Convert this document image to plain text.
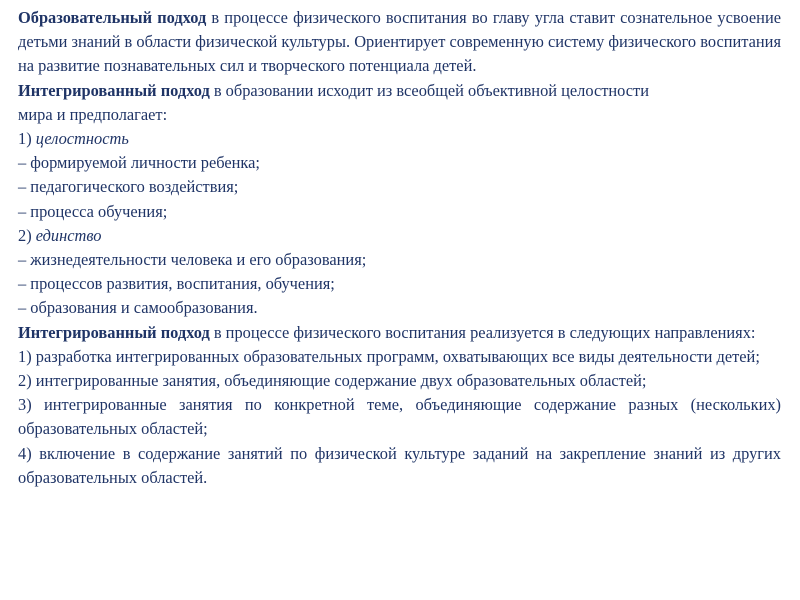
Образовательный подход в процессе физического воспитания во главу угла ставит сознательное усвоение детьми знаний в области физической культуры. Ориентирует современную систему физического воспитания на развитие познавательных сил и творческого потенциала детей.

Интегрированный подход в образовании исходит из всеобщей объективной целостности мира и предполагает:

1) целостность

– формируемой личности ребенка;

– педагогического воздействия;

– процесса обучения;

2) единство

– жизнедеятельности человека и его образования;

– процессов развития, воспитания, обучения;

– образования и самообразования.

Интегрированный подход в процессе физического воспитания реализуется в следующих направлениях:

1) разработка интегрированных образовательных программ, охватывающих все виды деятельности детей;

2) интегрированные занятия, объединяющие содержание двух образовательных областей;

3) интегрированные занятия по конкретной теме, объединяющие содержание разных (нескольких) образовательных областей;

4) включение в содержание занятий по физической культуре заданий на закрепление знаний из других образовательных областей.
